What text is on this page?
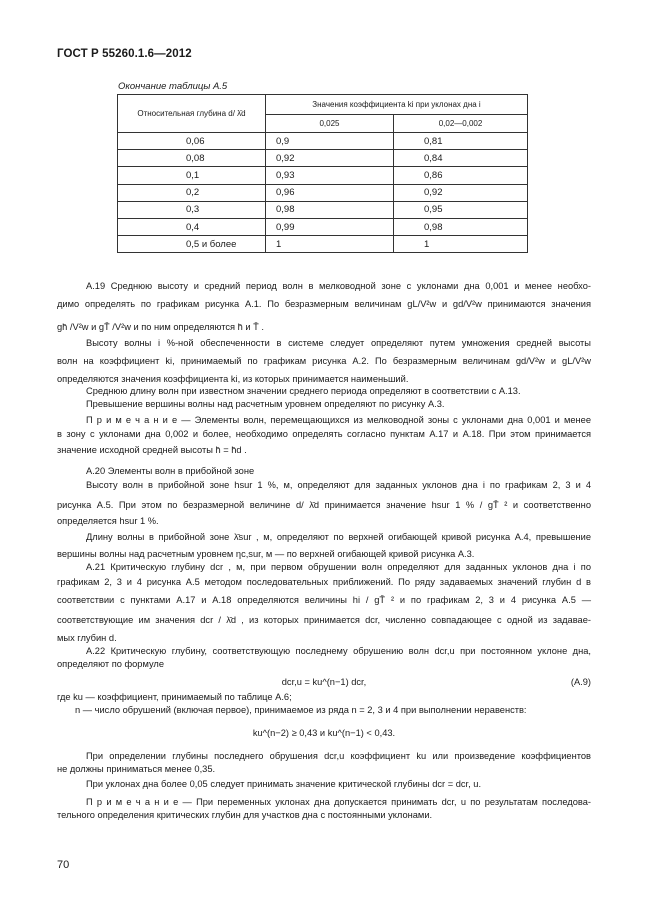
ГОСТ Р 55260.1.6—2012
Окончание таблицы А.5
Относительная глубина d/ λ̄d	Значения коэффициента ki при уклонах дна i	
	0,025	0,02—0,002
0,06	0,9	0,81
0,08	0,92	0,84
0,1	0,93	0,86
0,2	0,96	0,92
0,3	0,98	0,95
0,4	0,99	0,98
0,5 и более	1	1
А.19 Среднюю высоту и средний период волн в мелководной зоне с уклонами дна 0,001 и менее необхо-
димо определять по графикам рисунка А.1. По безразмерным величинам gL/V²w и gd/V²w принимаются значения
gh̄ /V²w и gT̄ /V²w и по ним определяются h̄ и T̄ .
Высоту волны i %-ной обеспеченности в системе следует определяют путем умножения средней высоты
волн на коэффициент ki, принимаемый по графикам рисунка А.2. По безразмерным величинам gd/V²w и gL/V²w
определяются значения коэффициента ki, из которых принимается наименьший.
Среднюю длину волн при известном значении среднего периода определяют в соответствии с А.13.
Превышение вершины волны над расчетным уровнем определяют по рисунку А.3.
П р и м е ч а н и е — Элементы волн, перемещающихся из мелководной зоны с уклонами дна 0,001 и менее
в зону с уклонами дна 0,002 и более, необходимо определять согласно пунктам А.17 и А.18. При этом принимается
значение исходной средней высоты h̄ = h̄d .
А.20 Элементы волн в прибойной зоне
Высоту волн в прибойной зоне hsur 1 %, м, определяют для заданных уклонов дна i по графикам 2, 3 и 4
рисунка А.5. При этом по безразмерной величине d/ λ̄d принимается значение hsur 1 % / gT̄ ² и соответственно
определяется hsur 1 %.
Длину волны в прибойной зоне λ̄sur , м, определяют по верхней огибающей кривой рисунка А.4, превышение
вершины волны над расчетным уровнем ηc,sur, м — по верхней огибающей кривой рисунка А.3.
А.21 Критическую глубину dcr , м, при первом обрушении волн определяют для заданных уклонов дна i по
графикам 2, 3 и 4 рисунка А.5 методом последовательных приближений. По ряду задаваемых значений глубин d в
соответствии с пунктами А.17 и А.18 определяются величины hi / gT̄ ² и по графикам 2, 3 и 4 рисунка А.5 —
соответствующие им значения dcr / λ̄d , из которых принимается dcr, численно совпадающее с одной из задавае-
мых глубин d.
А.22 Критическую глубину, соответствующую последнему обрушению волн dcr,u при постоянном уклоне дна,
определяют по формуле
dcr,u = ku^(n−1) dcr,	(А.9)
где ku — коэффициент, принимаемый по таблице А.6;
n — число обрушений (включая первое), принимаемое из ряда n = 2, 3 и 4 при выполнении неравенств:
ku^(n−2) ≥ 0,43 и ku^(n−1) < 0,43.
При определении глубины последнего обрушения dcr,u коэффициент ku или произведение коэффициентов
не должны приниматься менее 0,35.
При уклонах дна более 0,05 следует принимать значение критической глубины dcr = dcr, u.
П р и м е ч а н и е — При переменных уклонах дна допускается принимать dcr, u по результатам последова-
тельного определения критических глубин для участков дна с постоянными уклонами.
70
